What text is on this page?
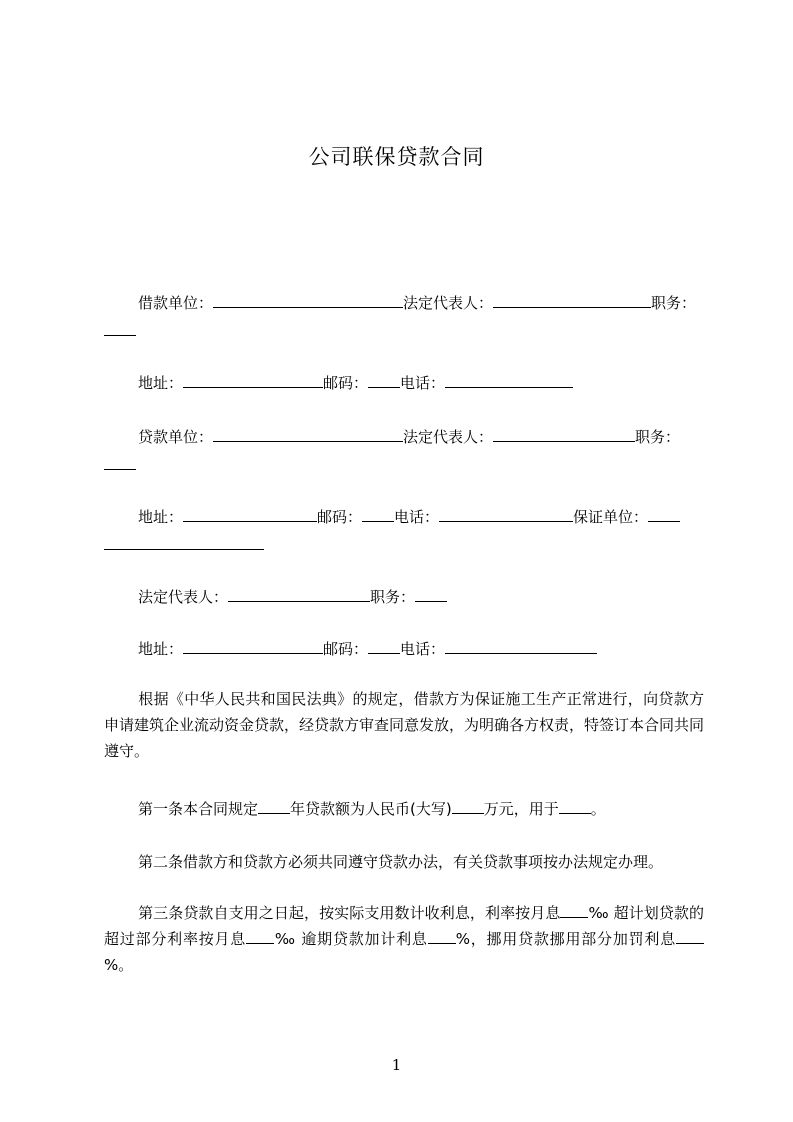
公司联保贷款合同
借款单位：	法定代表人：	职务：
地址：	邮码： 电话：
贷款单位：	法定代表人：	职务：
地址：	邮码： 电话：	保证单位：
法定代表人：	职务：
地址：	邮码： 电话：
根据《中华人民共和国民法典》的规定，借款方为保证施工生产正常进行，向贷款方申请建筑企业流动资金贷款，经贷款方审查同意发放，为明确各方权责，特签订本合同共同遵守。
第一条本合同规定 年贷款额为人民币(大写) 万元，用于 。
第二条借款方和贷款方必须共同遵守贷款办法，有关贷款事项按办法规定办理。
第三条贷款自支用之日起，按实际支用数计收利息，利率按月息 ‰ 超计划贷款的超过部分利率按月息 ‰ 逾期贷款加计利息 %，挪用贷款挪用部分加罚利息%。
1
